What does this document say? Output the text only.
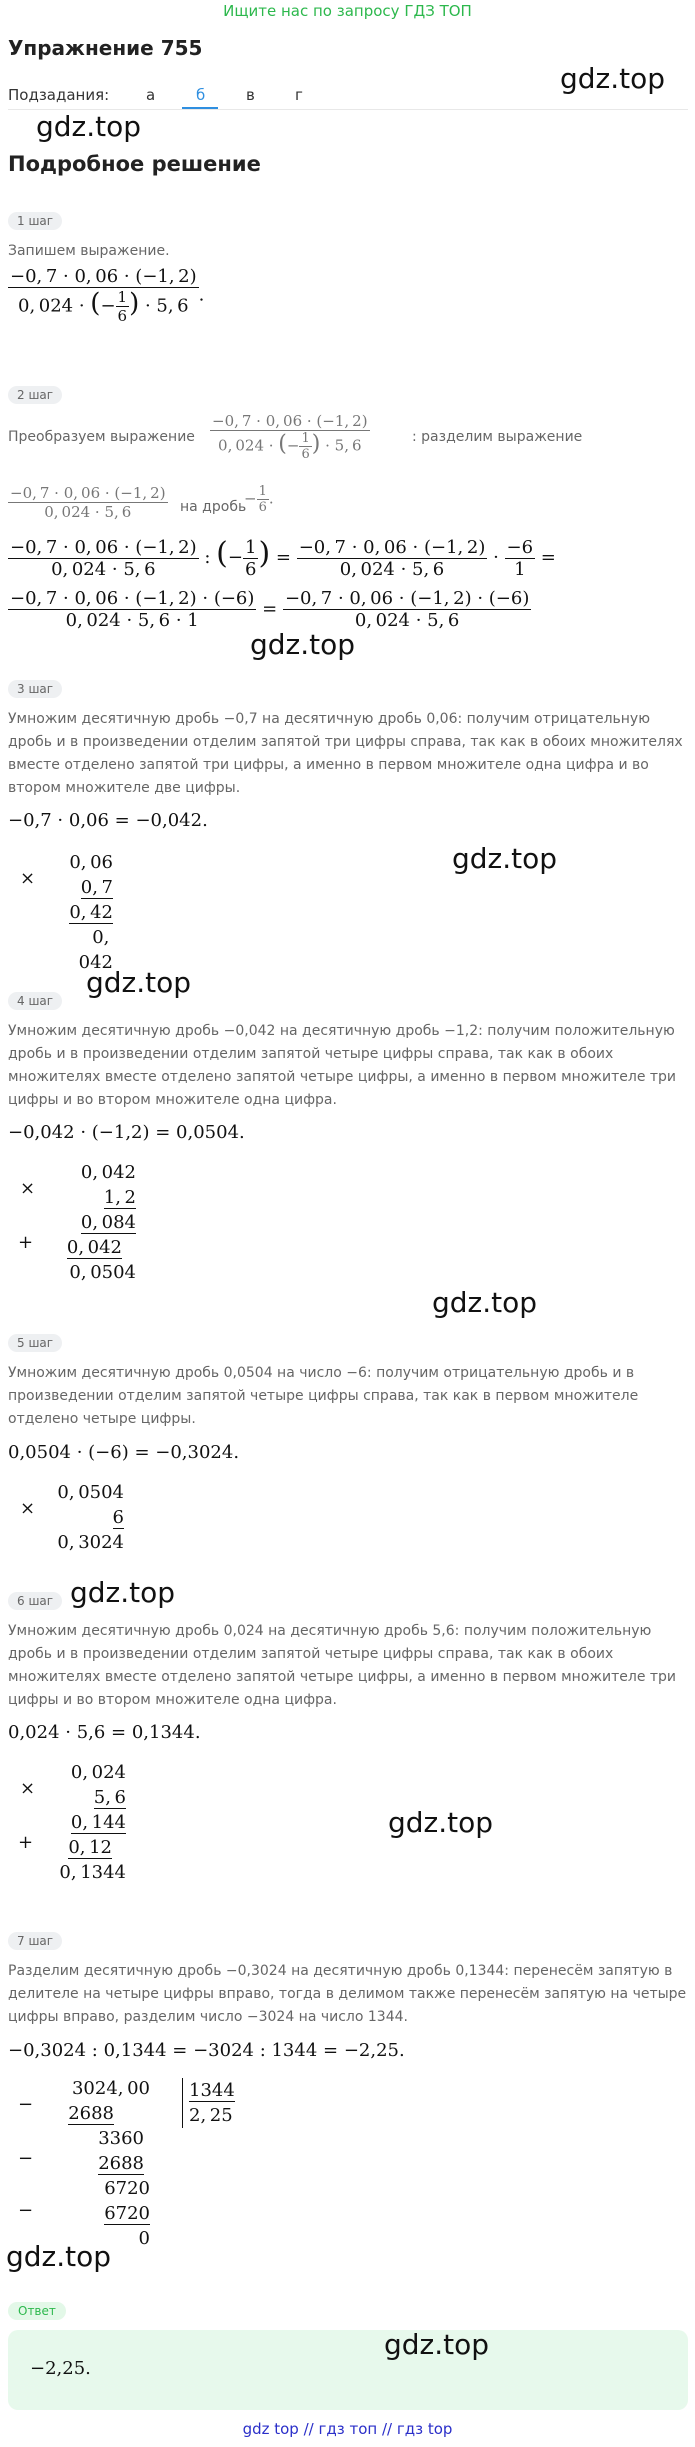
Ищите нас по запросу ГДЗ ТОП
Упражнение 755
gdz.top
Подзадания: а	б	в	г
gdz.top
Подробное решение
1 шаг
Запишем выражение.
$\frac{-0, 7 \cdot 0, 06 \cdot (-1, 2)}{0, 024 \cdot (- \frac{1}{6} ) \cdot 5, 6}$ .
2 шаг
Преобразуем выражение	$\frac{-0, 7 \cdot 0, 06 \cdot (-1, 2)}{0, 024 \cdot (- \frac{1}{6} ) \cdot 5, 6}$	: разделим выражение
$\frac{-0, 7 \cdot 0, 06 \cdot (-1, 2)}{0, 024 \cdot 5, 6}$ на дробь
− $\frac{1}{6}$ .
$\frac{-0, 7 \cdot 0, 06 \cdot (-1, 2)}{0, 024 \cdot 5, 6}$ : (− $\frac{1}{6}$ ) = $\frac{-0, 7 \cdot 0, 06 \cdot (-1, 2)}{0, 024 \cdot 5, 6} \cdot \frac{-6}{1}$ =
$\frac{-0, 7 \cdot 0, 06 \cdot (-1, 2) \cdot (-6)}{0, 024 \cdot 5, 6 \cdot 1} = \frac{-0, 7 \cdot 0, 06 \cdot (-1, 2) \cdot (-6)}{0, 024 \cdot 5, 6}$
gdz.top
3 шаг
Умножим десятичную дробь −0,7 на десятичную дробь 0,06: получим отрицательную дробь и в произведении отделим запятой три цифры справа, так как в обоих множителях вместе отделено запятой три цифры, а именно в первом множителе одна цифра и во втором множителе две цифры.
−0,7 · 0,06 = −0,042.
×
0, 06
0, 7
0, 42
0, 042
gdz.top
gdz.top
4 шаг
Умножим десятичную дробь −0,042 на десятичную дробь −1,2: получим положительную дробь и в произведении отделим запятой четыре цифры справа, так как в обоих множителях вместе отделено запятой четыре цифры, а именно в первом множителе три цифры и во втором множителе одна цифра.
−0,042 · (−1,2) = 0,0504.
×
+
0, 042
1, 2
0, 084
0, 042
0, 0504
gdz.top
5 шаг
Умножим десятичную дробь 0,0504 на число −6: получим отрицательную дробь и в произведении отделим запятой четыре цифры справа, так как в первом множителе отделено четыре цифры.
0,0504 · (−6) = −0,3024.
×
0, 0504
6
0, 3024
gdz.top
6 шаг
Умножим десятичную дробь 0,024 на десятичную дробь 5,6: получим положительную дробь и в произведении отделим запятой четыре цифры справа, так как в обоих множителях вместе отделено запятой четыре цифры, а именно в первом множителе три цифры и во втором множителе одна цифра.
0,024 · 5,6 = 0,1344.
×
+
0, 024
5, 6
0, 144
0, 12
0, 1344
gdz.top
7 шаг
Разделим десятичную дробь −0,3024 на десятичную дробь 0,1344: перенесём запятую в делителе на четыре цифры вправо, тогда в делимом также перенесём запятую на четыре цифры вправо, разделим число −3024 на число 1344.
−0,3024 : 0,1344 = −3024 : 1344 = −2,25.
−
−
−
3024, 00
2688
3360
2688
6720
6720
0
1344
2, 25
gdz.top
Ответ
−2,25.
gdz.top
gdz top // гдз топ // гдз top
